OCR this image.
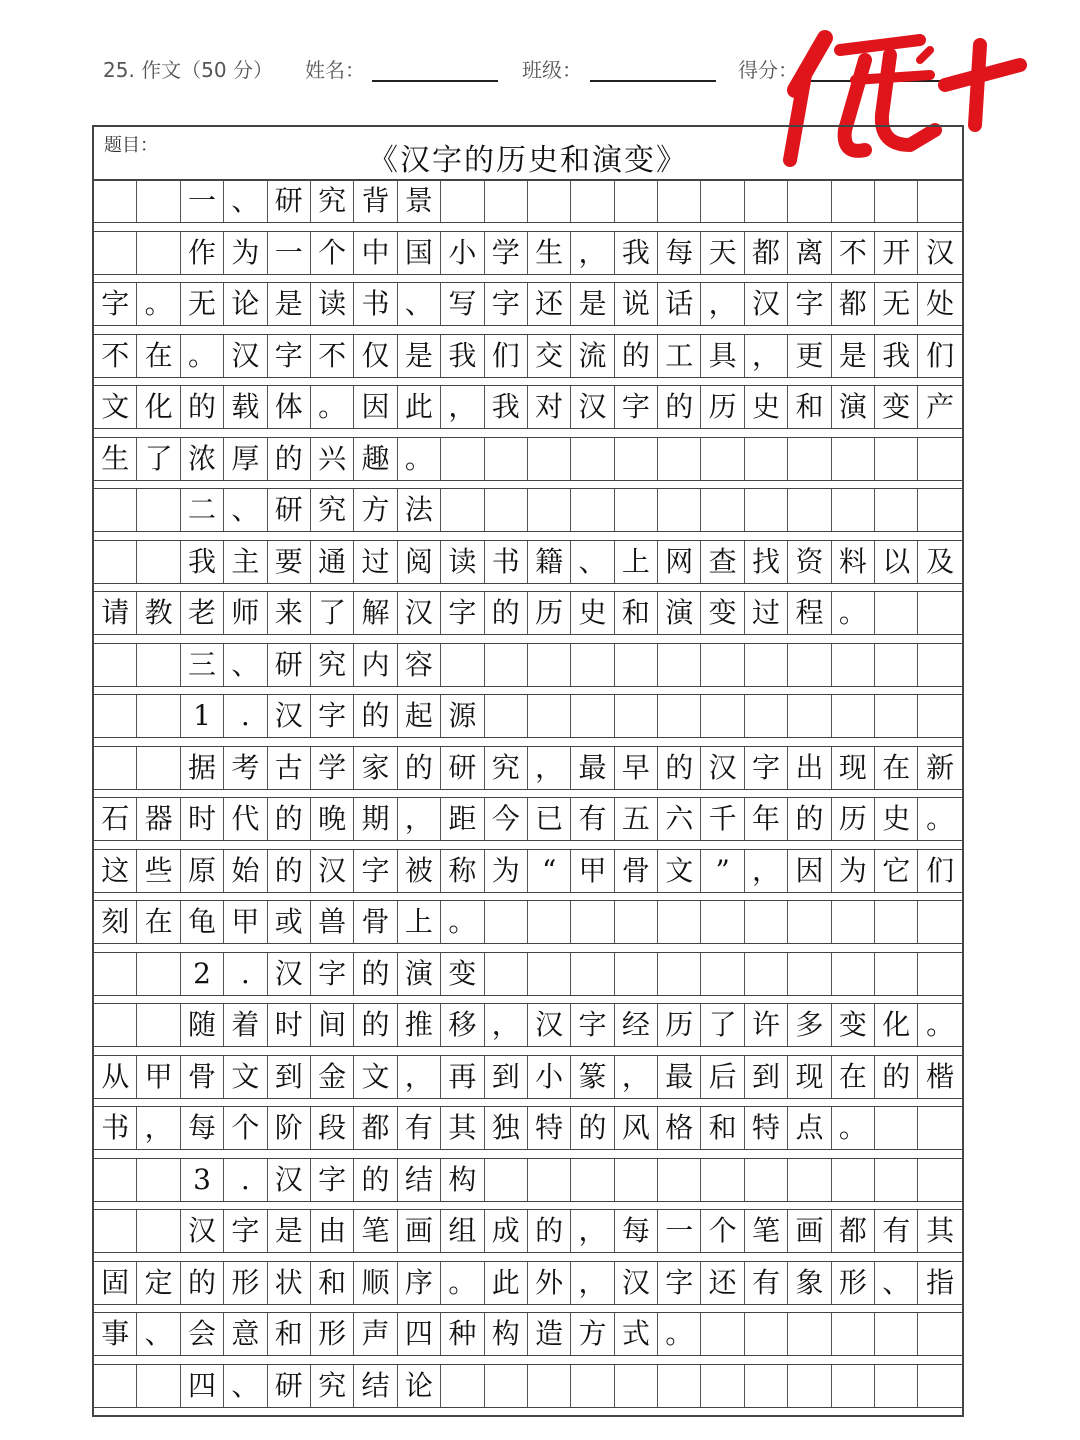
25. 作文（50 分） 姓名：	班级：	得分：
题目：	《汉字的历史和演变》
一 、 研 究 背 景
作 为 一 个 中 国 小 学 生 ， 我 每 天 都 离 不 开 汉
字 。 无 论 是 读 书 、 写 字 还 是 说 话 ， 汉 字 都 无 处
不 在 。 汉 字 不 仅 是 我 们 交 流 的 工 具 ， 更 是 我 们
文 化 的 载 体 。 因 此 ， 我 对 汉 字 的 历 史 和 演 变 产
生 了 浓 厚 的 兴 趣 。
二 、 研 究 方 法
我 主 要 通 过 阅 读 书 籍 、 上 网 查 找 资 料 以 及
请 教 老 师 来 了 解 汉 字 的 历 史 和 演 变 过 程 。
三 、 研 究 内 容
1	. 汉 字 的 起 源
据 考 古 学 家 的 研 究 ， 最 早 的 汉 字 出 现 在 新
石 器 时 代 的 晚 期 ， 距 今 已 有 五 六 千 年 的 历 史 。
这 些 原 始 的 汉 字 被 称 为 “ 甲 骨 文 ” ， 因 为 它 们
刻 在 龟 甲 或 兽 骨 上 。
2	. 汉 字 的 演 变
随 着 时 间 的 推 移 ， 汉 字 经 历 了 许 多 变 化 。
从 甲 骨 文 到 金 文 ， 再 到 小 篆 ， 最 后 到 现 在 的 楷
书 ， 每 个 阶 段 都 有 其 独 特 的 风 格 和 特 点 。
3	. 汉 字 的 结 构
汉 字 是 由 笔 画 组 成 的 ， 每 一 个 笔 画 都 有 其
固 定 的 形 状 和 顺 序 。 此 外 ， 汉 字 还 有 象 形 、 指
事 、 会 意 和 形 声 四 种 构 造 方 式 。
四 、 研 究 结 论
